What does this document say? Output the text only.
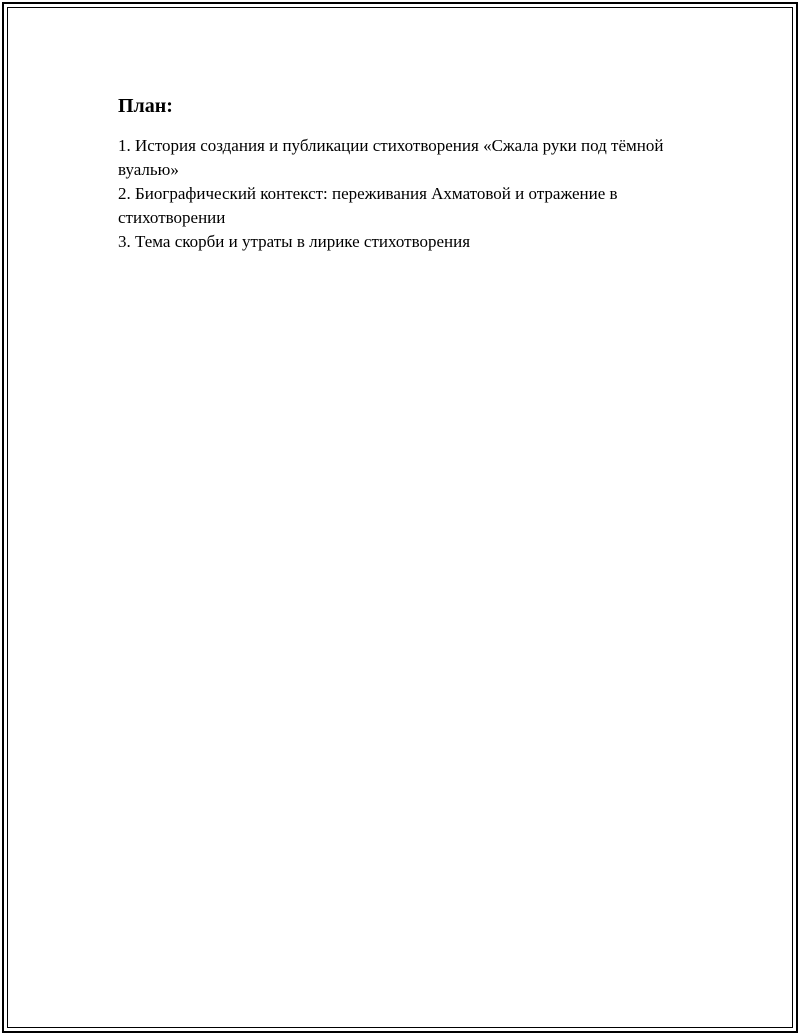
План:
1. История создания и публикации стихотворения «Сжала руки под тёмной вуалью»
2. Биографический контекст: переживания Ахматовой и отражение в стихотворении
3. Тема скорби и утраты в лирике стихотворения
